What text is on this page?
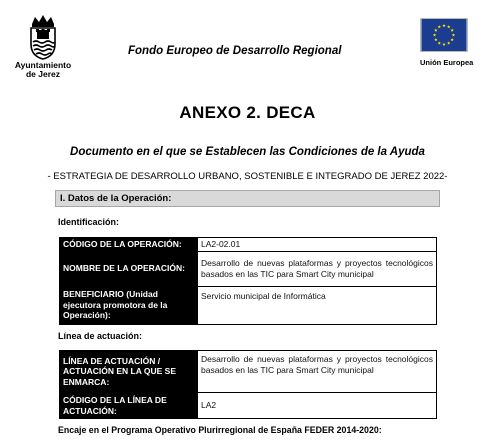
Ayuntamiento
de Jerez
Fondo Europeo de Desarrollo Regional
Unión Europea
ANEXO 2. DECA
Documento en el que se Establecen las Condiciones de la Ayuda
- ESTRATEGIA DE DESARROLLO URBANO, SOSTENIBLE E INTEGRADO DE JEREZ 2022-
I. Datos de la Operación:
Identificación:
CÓDIGO DE LA OPERACIÓN:	LA2-02.01
NOMBRE DE LA OPERACIÓN:	Desarrollo de nuevas plataformas y proyectos tecnológicos basados en las TIC para Smart City municipal
BENEFICIARIO (Unidad ejecutora promotora de la Operación):	Servicio municipal de Informática
Línea de actuación:
LÍNEA DE ACTUACIÓN / ACTUACIÓN EN LA QUE SE ENMARCA:	Desarrollo de nuevas plataformas y proyectos tecnológicos basados en las TIC para Smart City municipal
CÓDIGO DE LA LÍNEA DE ACTUACIÓN:	LA2
Encaje en el Programa Operativo Plurirregional de España FEDER 2014-2020:
